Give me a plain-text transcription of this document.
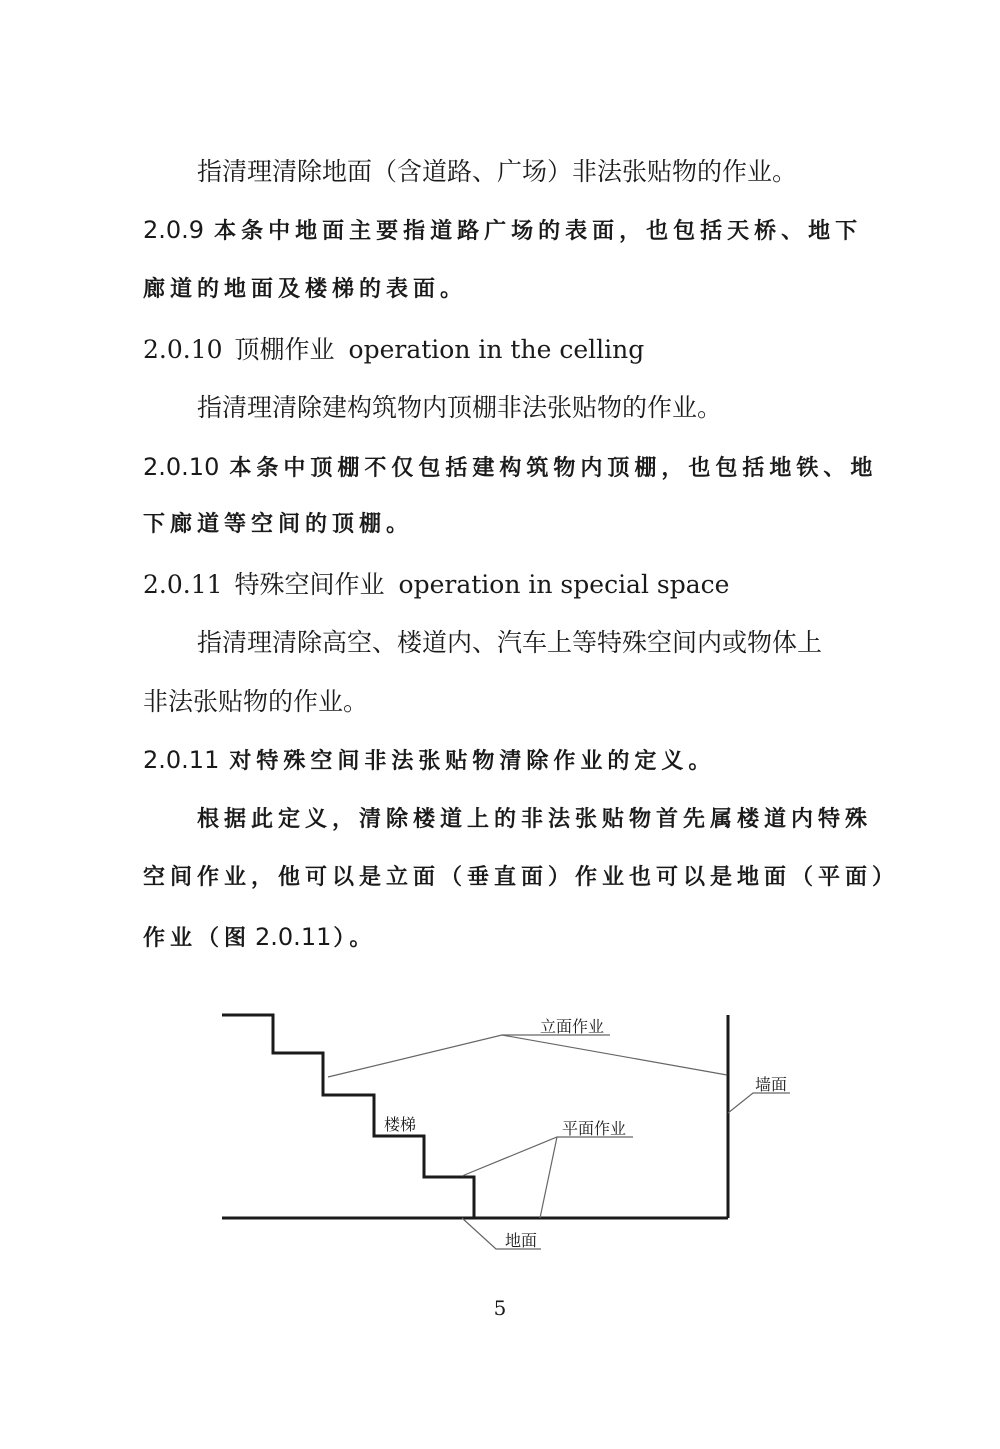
指清理清除地面（含道路、广场）非法张贴物的作业。
2.0.9 本条中地面主要指道路广场的表面，也包括天桥、地下
廊道的地面及楼梯的表面。
2.0.10 顶棚作业 operation in the celling
指清理清除建构筑物内顶棚非法张贴物的作业。
2.0.10 本条中顶棚不仅包括建构筑物内顶棚，也包括地铁、地
下廊道等空间的顶棚。
2.0.11 特殊空间作业 operation in special space
指清理清除高空、楼道内、汽车上等特殊空间内或物体上
非法张贴物的作业。
2.0.11 对特殊空间非法张贴物清除作业的定义。
根据此定义，清除楼道上的非法张贴物首先属楼道内特殊
空间作业，他可以是立面（垂直面）作业也可以是地面（平面）
作业（图 2.0.11）。
立面作业
墙面
楼梯	平面作业
地面
5
